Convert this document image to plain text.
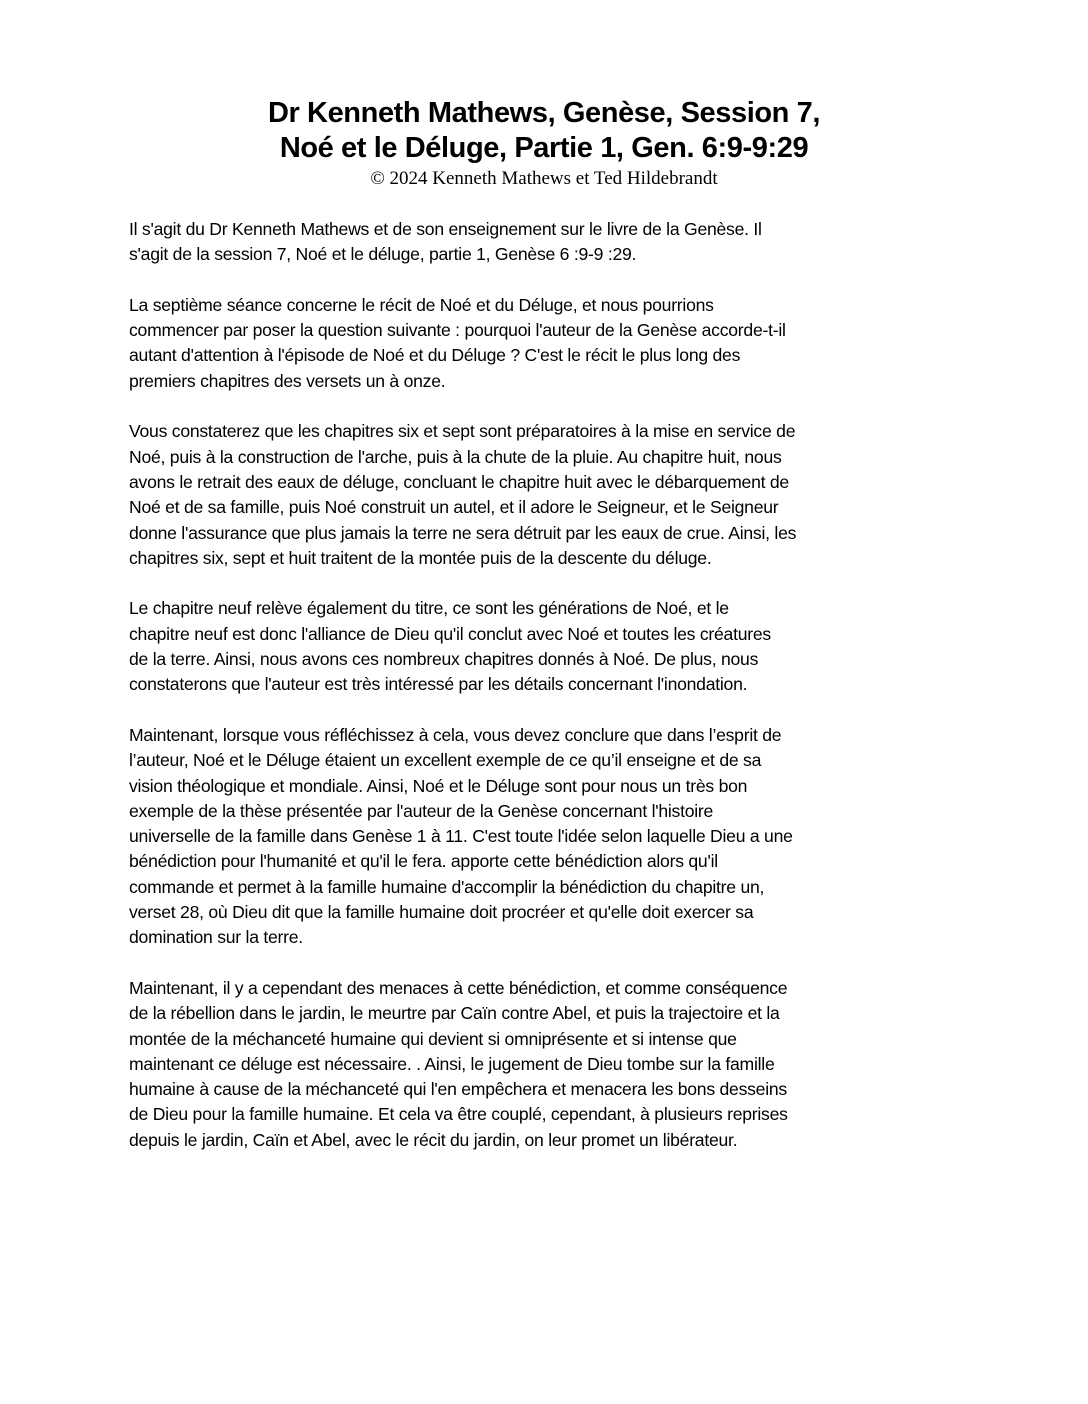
Dr Kenneth Mathews, Genèse, Session 7,
Noé et le Déluge, Partie 1, Gen. 6:9-9:29
© 2024 Kenneth Mathews et Ted Hildebrandt
Il s'agit du Dr Kenneth Mathews et de son enseignement sur le livre de la Genèse. Il
s'agit de la session 7, Noé et le déluge, partie 1, Genèse 6 :9-9 :29.
La septième séance concerne le récit de Noé et du Déluge, et nous pourrions
commencer par poser la question suivante : pourquoi l'auteur de la Genèse accorde-t-il
autant d'attention à l'épisode de Noé et du Déluge ? C'est le récit le plus long des
premiers chapitres des versets un à onze.
Vous constaterez que les chapitres six et sept sont préparatoires à la mise en service de
Noé, puis à la construction de l'arche, puis à la chute de la pluie. Au chapitre huit, nous
avons le retrait des eaux de déluge, concluant le chapitre huit avec le débarquement de
Noé et de sa famille, puis Noé construit un autel, et il adore le Seigneur, et le Seigneur
donne l'assurance que plus jamais la terre ne sera détruit par les eaux de crue. Ainsi, les
chapitres six, sept et huit traitent de la montée puis de la descente du déluge.
Le chapitre neuf relève également du titre, ce sont les générations de Noé, et le
chapitre neuf est donc l'alliance de Dieu qu'il conclut avec Noé et toutes les créatures
de la terre. Ainsi, nous avons ces nombreux chapitres donnés à Noé. De plus, nous
constaterons que l'auteur est très intéressé par les détails concernant l'inondation.
Maintenant, lorsque vous réfléchissez à cela, vous devez conclure que dans l’esprit de
l’auteur, Noé et le Déluge étaient un excellent exemple de ce qu’il enseigne et de sa
vision théologique et mondiale. Ainsi, Noé et le Déluge sont pour nous un très bon
exemple de la thèse présentée par l'auteur de la Genèse concernant l'histoire
universelle de la famille dans Genèse 1 à 11. C'est toute l'idée selon laquelle Dieu a une
bénédiction pour l'humanité et qu'il le fera. apporte cette bénédiction alors qu'il
commande et permet à la famille humaine d'accomplir la bénédiction du chapitre un,
verset 28, où Dieu dit que la famille humaine doit procréer et qu'elle doit exercer sa
domination sur la terre.
Maintenant, il y a cependant des menaces à cette bénédiction, et comme conséquence
de la rébellion dans le jardin, le meurtre par Caïn contre Abel, et puis la trajectoire et la
montée de la méchanceté humaine qui devient si omniprésente et si intense que
maintenant ce déluge est nécessaire. . Ainsi, le jugement de Dieu tombe sur la famille
humaine à cause de la méchanceté qui l'en empêchera et menacera les bons desseins
de Dieu pour la famille humaine. Et cela va être couplé, cependant, à plusieurs reprises
depuis le jardin, Caïn et Abel, avec le récit du jardin, on leur promet un libérateur.
